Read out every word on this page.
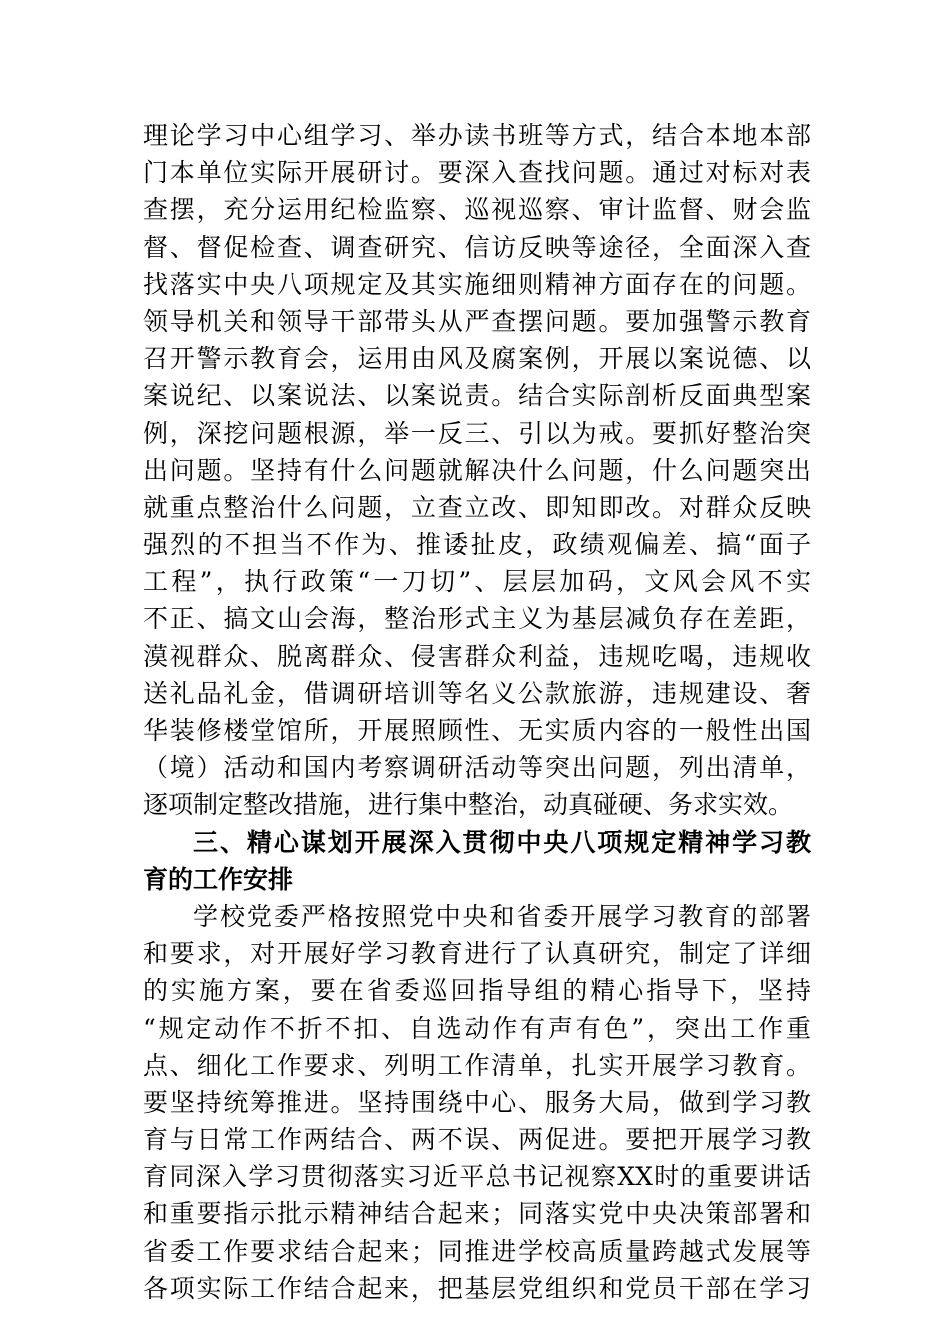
理论学习中心组学习、举办读书班等方式，结合本地本部
门本单位实际开展研讨。要深入查找问题。通过对标对表
查摆，充分运用纪检监察、巡视巡察、审计监督、财会监
督、督促检查、调查研究、信访反映等途径，全面深入查
找落实中央八项规定及其实施细则精神方面存在的问题。
领导机关和领导干部带头从严查摆问题。要加强警示教育
召开警示教育会，运用由风及腐案例，开展以案说德、以
案说纪、以案说法、以案说责。结合实际剖析反面典型案
例，深挖问题根源，举一反三、引以为戒。要抓好整治突
出问题。坚持有什么问题就解决什么问题，什么问题突出
就重点整治什么问题，立查立改、即知即改。对群众反映
强烈的不担当不作为、推诿扯皮，政绩观偏差、搞“面子
工程”，执行政策“一刀切”、层层加码，文风会风不实
不正、搞文山会海，整治形式主义为基层减负存在差距，
漠视群众、脱离群众、侵害群众利益，违规吃喝，违规收
送礼品礼金，借调研培训等名义公款旅游，违规建设、奢
华装修楼堂馆所，开展照顾性、无实质内容的一般性出国
（境）活动和国内考察调研活动等突出问题，列出清单，
逐项制定整改措施，进行集中整治，动真碰硬、务求实效。
三、精心谋划开展深入贯彻中央八项规定精神学习教
育的工作安排
学校党委严格按照党中央和省委开展学习教育的部署
和要求，对开展好学习教育进行了认真研究，制定了详细
的实施方案，要在省委巡回指导组的精心指导下，坚持
“规定动作不折不扣、自选动作有声有色”，突出工作重
点、细化工作要求、列明工作清单，扎实开展学习教育。
要坚持统筹推进。坚持围绕中心、服务大局，做到学习教
育与日常工作两结合、两不误、两促进。要把开展学习教
育同深入学习贯彻落实习近平总书记视察XX时的重要讲话
和重要指示批示精神结合起来；同落实党中央决策部署和
省委工作要求结合起来；同推进学校高质量跨越式发展等
各项实际工作结合起来，把基层党组织和党员干部在学习
